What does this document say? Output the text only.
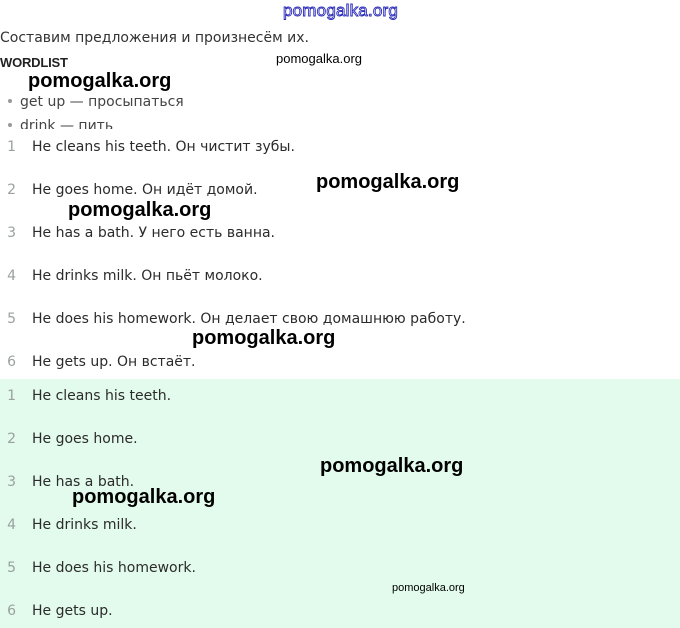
pomogalka.org
Составим предложения и произнесём их.
WORDLIST
get up — просыпаться
drink — пить
1 He cleans his teeth. Он чистит зубы.
2 He goes home. Он идёт домой.
3 He has a bath. У него есть ванна.
4 He drinks milk. Он пьёт молоко.
5 He does his homework. Он делает свою домашнюю работу.
6 He gets up. Он встаёт.
1 He cleans his teeth.
2 He goes home.
3 He has a bath.
4 He drinks milk.
5 He does his homework.
6 He gets up.
pomogalka.org
pomogalka.org
pomogalka.org
pomogalka.org
pomogalka.org
pomogalka.org
pomogalka.org
pomogalka.org
